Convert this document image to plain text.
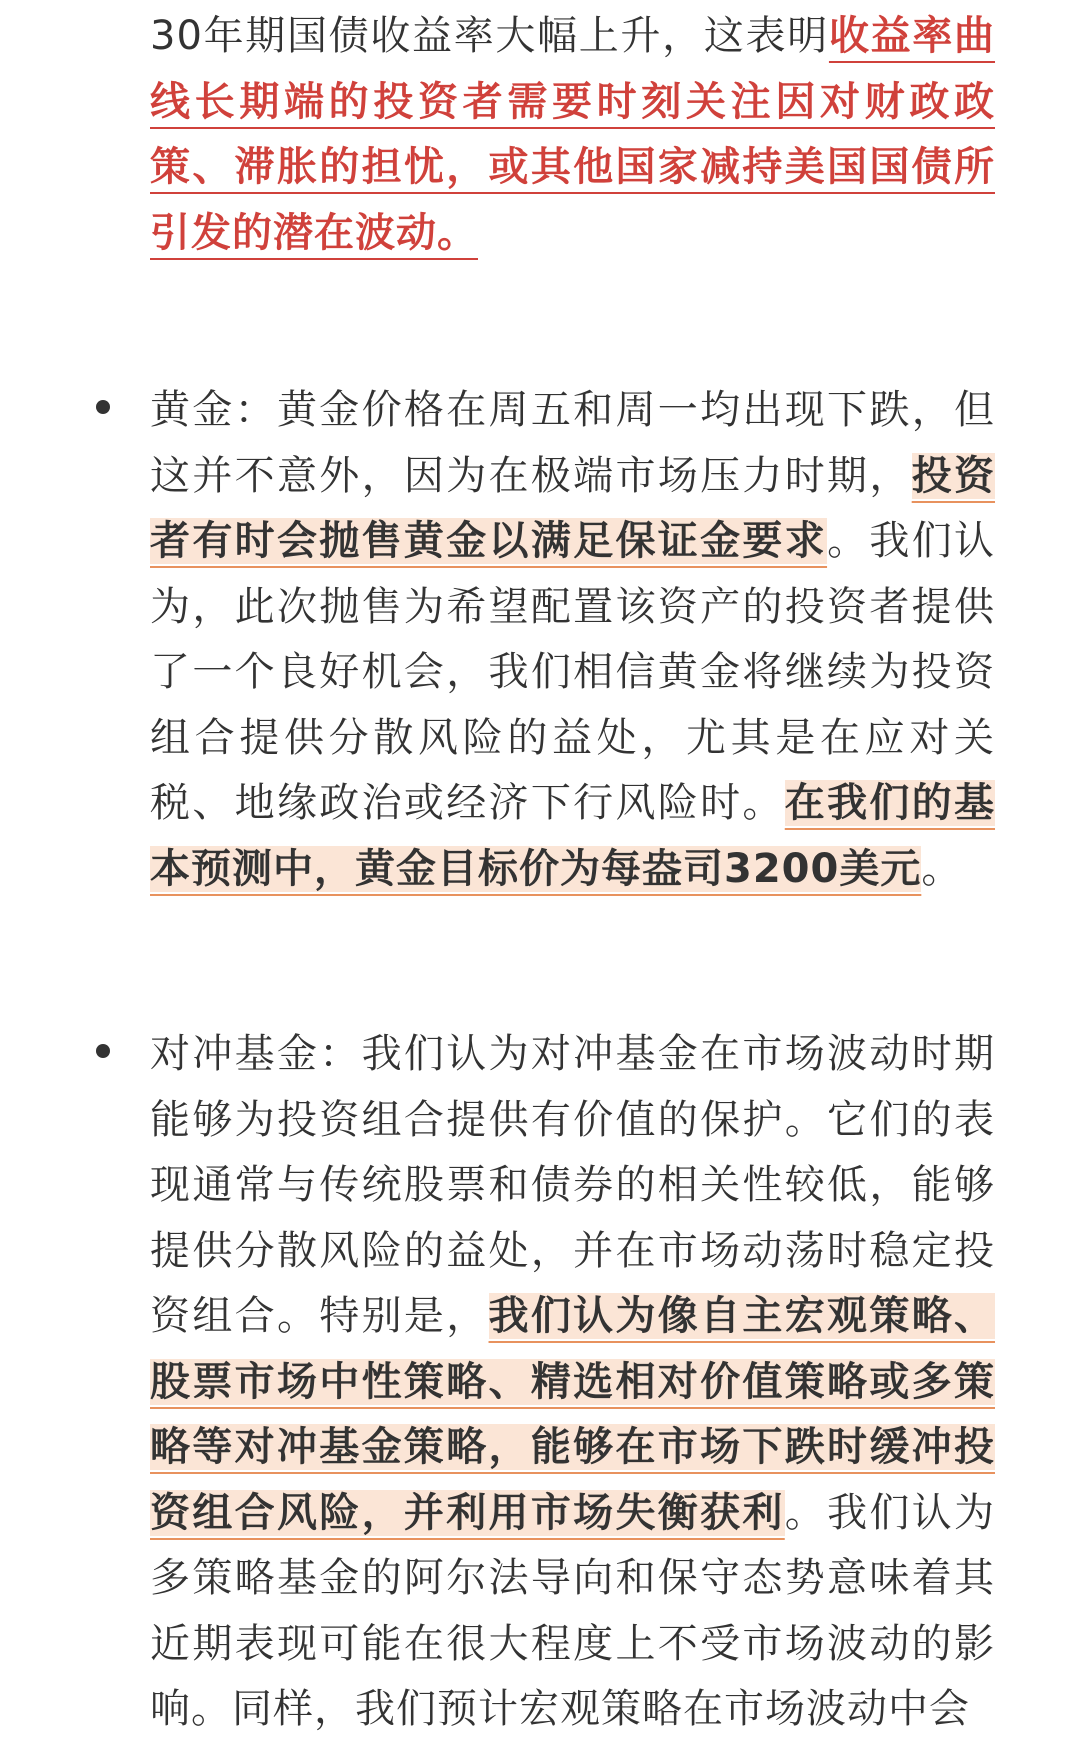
30年期国债收益率大幅上升，这表明收益率曲线长期端的投资者需要时刻关注因对财政政策、滞胀的担忧，或其他国家减持美国国债所引发的潜在波动。

黄金：黄金价格在周五和周一均出现下跌，但这并不意外，因为在极端市场压力时期，投资者有时会抛售黄金以满足保证金要求。我们认为，此次抛售为希望配置该资产的投资者提供了一个良好机会，我们相信黄金将继续为投资组合提供分散风险的益处，尤其是在应对关税、地缘政治或经济下行风险时。在我们的基本预测中，黄金目标价为每盎司3200美元。

对冲基金：我们认为对冲基金在市场波动时期能够为投资组合提供有价值的保护。它们的表现通常与传统股票和债券的相关性较低，能够提供分散风险的益处，并在市场动荡时稳定投资组合。特别是，我们认为像自主宏观策略、股票市场中性策略、精选相对价值策略或多策略等对冲基金策略，能够在市场下跌时缓冲投资组合风险，并利用市场失衡获利。我们认为多策略基金的阿尔法导向和保守态势意味着其近期表现可能在很大程度上不受市场波动的影响。同样，我们预计宏观策略在市场波动中会
